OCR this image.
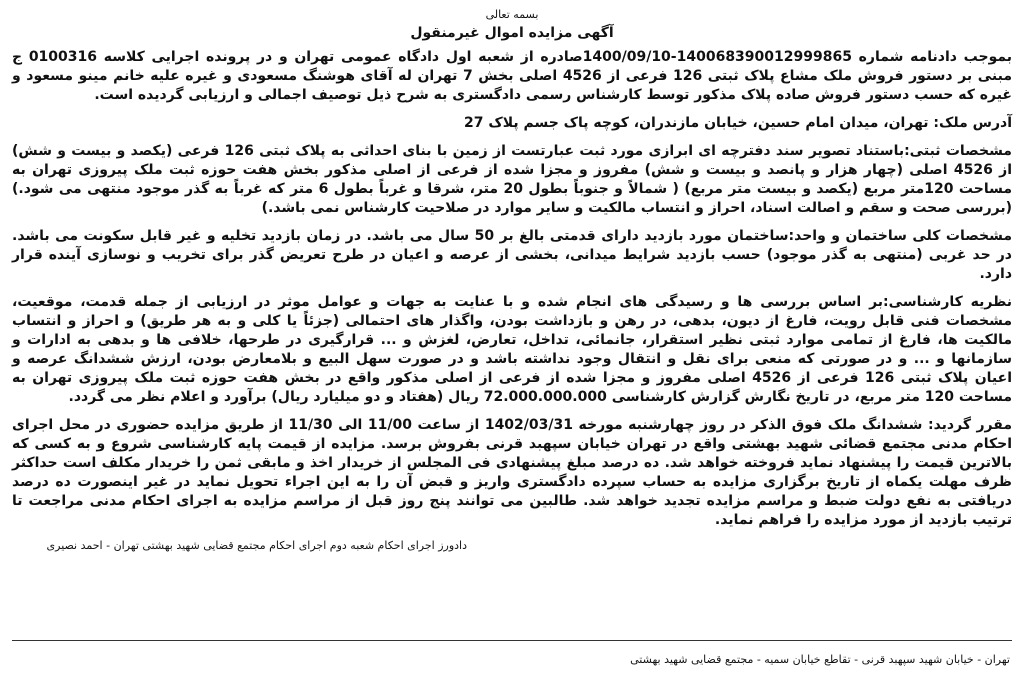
بسمه تعالی
آگهی مزایده اموال غیرمنقول

بموجب دادنامه شماره 140068390012999865-1400/09/10صادره از شعبه اول دادگاه عمومی تهران و در پرونده اجرایی کلاسه 0100316 ج مبنی بر دستور فروش ملک مشاع پلاک ثبتی 126 فرعی از 4526 اصلی بخش 7 تهران له آقای هوشنگ مسعودی و غیره علیه خانم مینو مسعود و غیره که حسب دستور فروش صاده پلاک مذکور توسط کارشناس رسمی دادگستری به شرح ذیل توصیف اجمالی و ارزیابی گردیده است.

آدرس ملک: تهران، میدان امام حسین، خیابان مازندران، کوچه پاک جسم پلاک 27

مشخصات ثبتی:باستناد تصویر سند دفترچه ای ابرازی مورد ثبت عبارتست از زمین با بنای احداثی به پلاک ثبتی 126 فرعی (یکصد و بیست و شش) از 4526 اصلی (چهار هزار و پانصد و بیست و شش) مفروز و مجزا شده از فرعی از اصلی مذکور بخش هفت حوزه ثبت ملک پیروزی تهران به مساحت 120متر مربع (یکصد و بیست متر مربع) ( شمالاً و جنوباً بطول 20 متر، شرقا و غرباً بطول 6 متر که غرباً به گذر موجود منتهی می شود.)(بررسی صحت و سقم و اصالت اسناد، احراز و انتساب مالکیت و سایر موارد در صلاحیت کارشناس نمی باشد.)

مشخصات کلی ساختمان و واحد:ساختمان مورد بازدید دارای قدمتی بالغ بر 50 سال می باشد. در زمان بازدید تخلیه و غیر قابل سکونت می باشد. در حد غربی (منتهی به گذر موجود) حسب بازدید شرایط میدانی، بخشی از عرصه و اعیان در طرح تعریض گذر برای تخریب و نوسازی آینده قرار دارد.

نظریه کارشناسی:بر اساس بررسی ها و رسیدگی های انجام شده و با عنایت به جهات و عوامل موثر در ارزیابی از جمله قدمت، موقعیت، مشخصات فنی قابل رویت، فارغ از دیون، بدهی، در رهن و بازداشت بودن، واگذار های احتمالی (جزئاً یا کلی و به هر طریق) و احراز و انتساب مالکیت ها، فارغ از تمامی موارد ثبتی نظیر استقرار، جانمائی، تداخل، تعارض، لغزش و ... قرارگیری در طرحها، خلافی ها و بدهی به ادارات و سازمانها و ... و در صورتی که منعی برای نقل و انتقال وجود نداشته باشد و در صورت سهل البیع و بلامعارض بودن، ارزش ششدانگ عرصه و اعیان پلاک ثبتی 126 فرعی از 4526 اصلی مفروز و مجزا شده از فرعی از اصلی مذکور واقع در بخش هفت حوزه ثبت ملک پیروزی تهران به مساحت 120 متر مربع، در تاریخ نگارش گزارش کارشناسی 72.000.000.000 ریال (هفتاد و دو میلیارد ریال) برآورد و اعلام نظر می گردد.

مقرر گردید: ششدانگ ملک فوق الذکر در روز چهارشنبه مورخه 1402/03/31 از ساعت 11/00 الی 11/30 از طریق مزایده حضوری در محل اجرای احکام مدنی مجتمع قضائی شهید بهشتی واقع در تهران خیابان سپهبد قرنی بفروش برسد. مزایده از قیمت پایه کارشناسی شروع و به کسی که بالاترین قیمت را پیشنهاد نماید فروخته خواهد شد. ده درصد مبلغ پیشنهادی فی المجلس از خریدار اخذ و مابقی ثمن را خریدار مکلف است حداکثر ظرف مهلت یکماه از تاریخ برگزاری مزایده به حساب سپرده دادگستری واریز و قبض آن را به این اجراء تحویل نماید در غیر اینصورت ده درصد دریافتی به نفع دولت ضبط و مراسم مزایده تجدید خواهد شد. طالبین می توانند پنج روز قبل از مراسم مزایده به اجرای احکام مدنی مراجعت تا ترتیب بازدید از مورد مزایده را فراهم نماید.

دادورز اجرای احکام شعبه دوم اجرای احکام مجتمع قضایی شهید بهشتی تهران - احمد نصیری
تهران - خیابان شهید سپهبد قرنی - تقاطع خیابان سمیه - مجتمع قضایی شهید بهشتی
